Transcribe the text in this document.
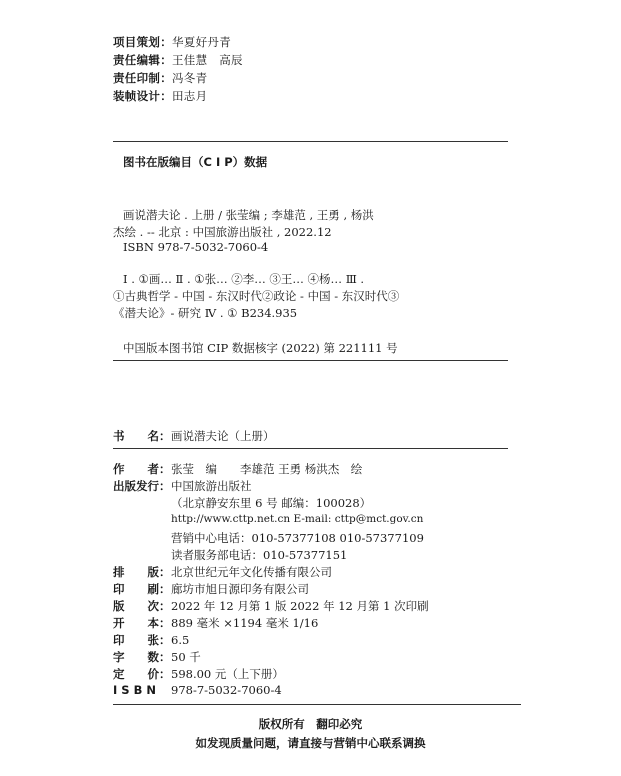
项目策划：华夏好丹青
责任编辑：王佳慧　高辰
责任印制：冯冬青
装帧设计：田志月
图书在版编目（C I P）数据
画说潜夫论 . 上册 / 张莹编 ; 李雄范 , 王勇 , 杨洪
杰绘 . -- 北京 : 中国旅游出版社 , 2022.12
ISBN 978-7-5032-7060-4
Ⅰ . ①画… Ⅱ . ①张… ②李… ③王… ④杨… Ⅲ .
①古典哲学 - 中国 - 东汉时代②政论 - 中国 - 东汉时代③
《潜夫论》- 研究 Ⅳ . ① B234.935
中国版本图书馆 CIP 数据核字 (2022) 第 221111 号
书　　名：画说潜夫论（上册）
作　　者：张莹　编　　李雄范 王勇 杨洪杰　绘
出版发行：中国旅游出版社
（北京静安东里 6 号 邮编：100028）
http://www.cttp.net.cn E-mail: cttp@mct.gov.cn
营销中心电话：010-57377108 010-57377109
读者服务部电话：010-57377151
排　　版：北京世纪元年文化传播有限公司
印　　刷：廊坊市旭日源印务有限公司
版　　次：2022 年 12 月第 1 版 2022 年 12 月第 1 次印刷
开　　本：889 毫米 ×1194 毫米 1/16
印　　张：6.5
字　　数：50 千
定　　价：598.00 元（上下册）
I S B N 978-7-5032-7060-4
版权所有　翻印必究
如发现质量问题，请直接与营销中心联系调换
